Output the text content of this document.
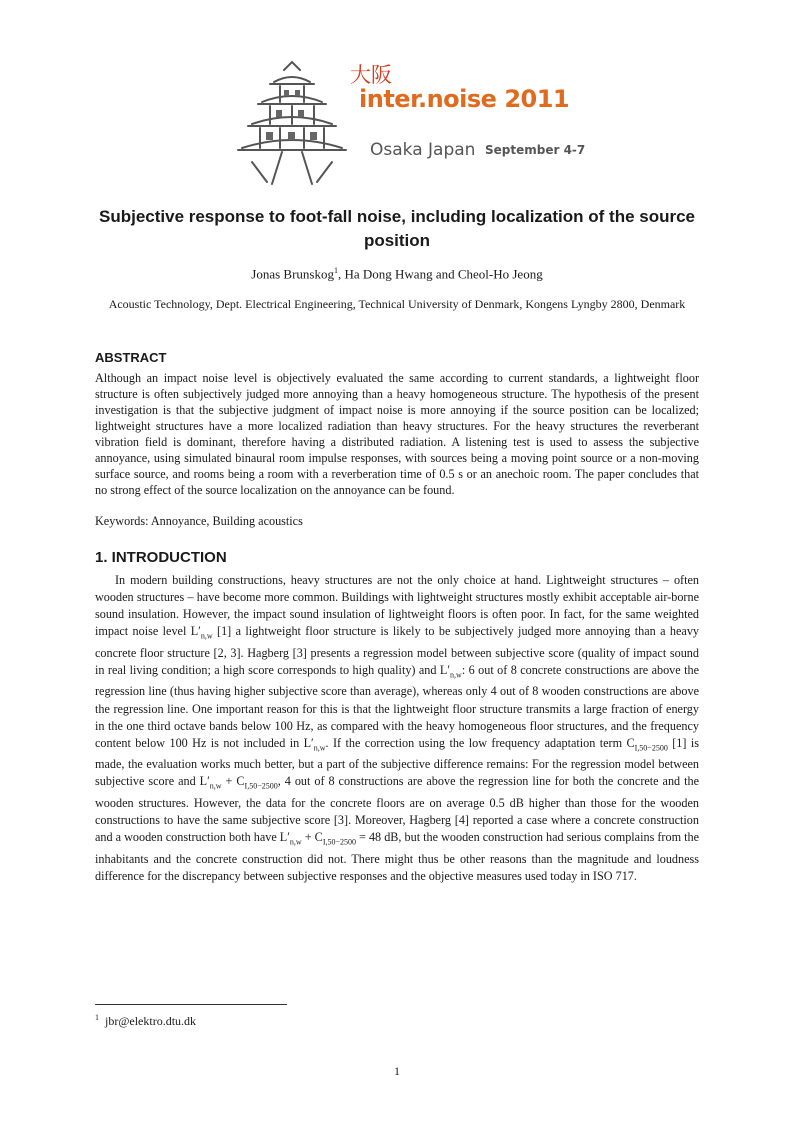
大阪
inter.noise 2011
Osaka Japan September 4-7
Subjective response to foot-fall noise, including localization of the source position
Jonas Brunskog$^1$, Ha Dong Hwang and Cheol-Ho Jeong
Acoustic Technology, Dept. Electrical Engineering, Technical University of Denmark, Kongens Lyngby 2800, Denmark
ABSTRACT
Although an impact noise level is objectively evaluated the same according to current standards, a lightweight floor structure is often subjectively judged more annoying than a heavy homogeneous structure. The hypothesis of the present investigation is that the subjective judgment of impact noise is more annoying if the source position can be localized; lightweight structures have a more localized radiation than heavy structures. For the heavy structures the reverberant vibration field is dominant, therefore having a distributed radiation. A listening test is used to assess the subjective annoyance, using simulated binaural room impulse responses, with sources being a moving point source or a non-moving surface source, and rooms being a room with a reverberation time of 0.5 s or an anechoic room. The paper concludes that no strong effect of the source localization on the annoyance can be found.
Keywords: Annoyance, Building acoustics
1. INTRODUCTION
In modern building constructions, heavy structures are not the only choice at hand. Lightweight structures – often wooden structures – have become more common. Buildings with lightweight structures mostly exhibit acceptable air-borne sound insulation. However, the impact sound insulation of lightweight floors is often poor. In fact, for the same weighted impact noise level $L'_{n,w}$ [1] a lightweight floor structure is likely to be subjectively judged more annoying than a heavy concrete floor structure [2, 3]. Hagberg [3] presents a regression model between subjective score (quality of impact sound in real living condition; a high score corresponds to high quality) and $L'_{n,w}$: 6 out of 8 concrete constructions are above the regression line (thus having higher subjective score than average), whereas only 4 out of 8 wooden constructions are above the regression line. One important reason for this is that the lightweight floor structure transmits a large fraction of energy in the one third octave bands below 100 Hz, as compared with the heavy homogeneous floor structures, and the frequency content below 100 Hz is not included in $L'_{n,w}$. If the correction using the low frequency adaptation term $C_{I,50-2500}$ [1] is made, the evaluation works much better, but a part of the subjective difference remains: For the regression model between subjective score and $L'_{n,w} + C_{I,50-2500}$, 4 out of 8 constructions are above the regression line for both the concrete and the wooden structures. However, the data for the concrete floors are on average 0.5 dB higher than those for the wooden constructions to have the same subjective score [3]. Moreover, Hagberg [4] reported a case where a concrete construction and a wooden construction both have $L'_{n,w} + C_{I,50-2500} = 48$ dB, but the wooden construction had serious complains from the inhabitants and the concrete construction did not. There might thus be other reasons than the magnitude and loudness difference for the discrepancy between subjective responses and the objective measures used today in ISO 717.
$^1$ jbr@elektro.dtu.dk
1
